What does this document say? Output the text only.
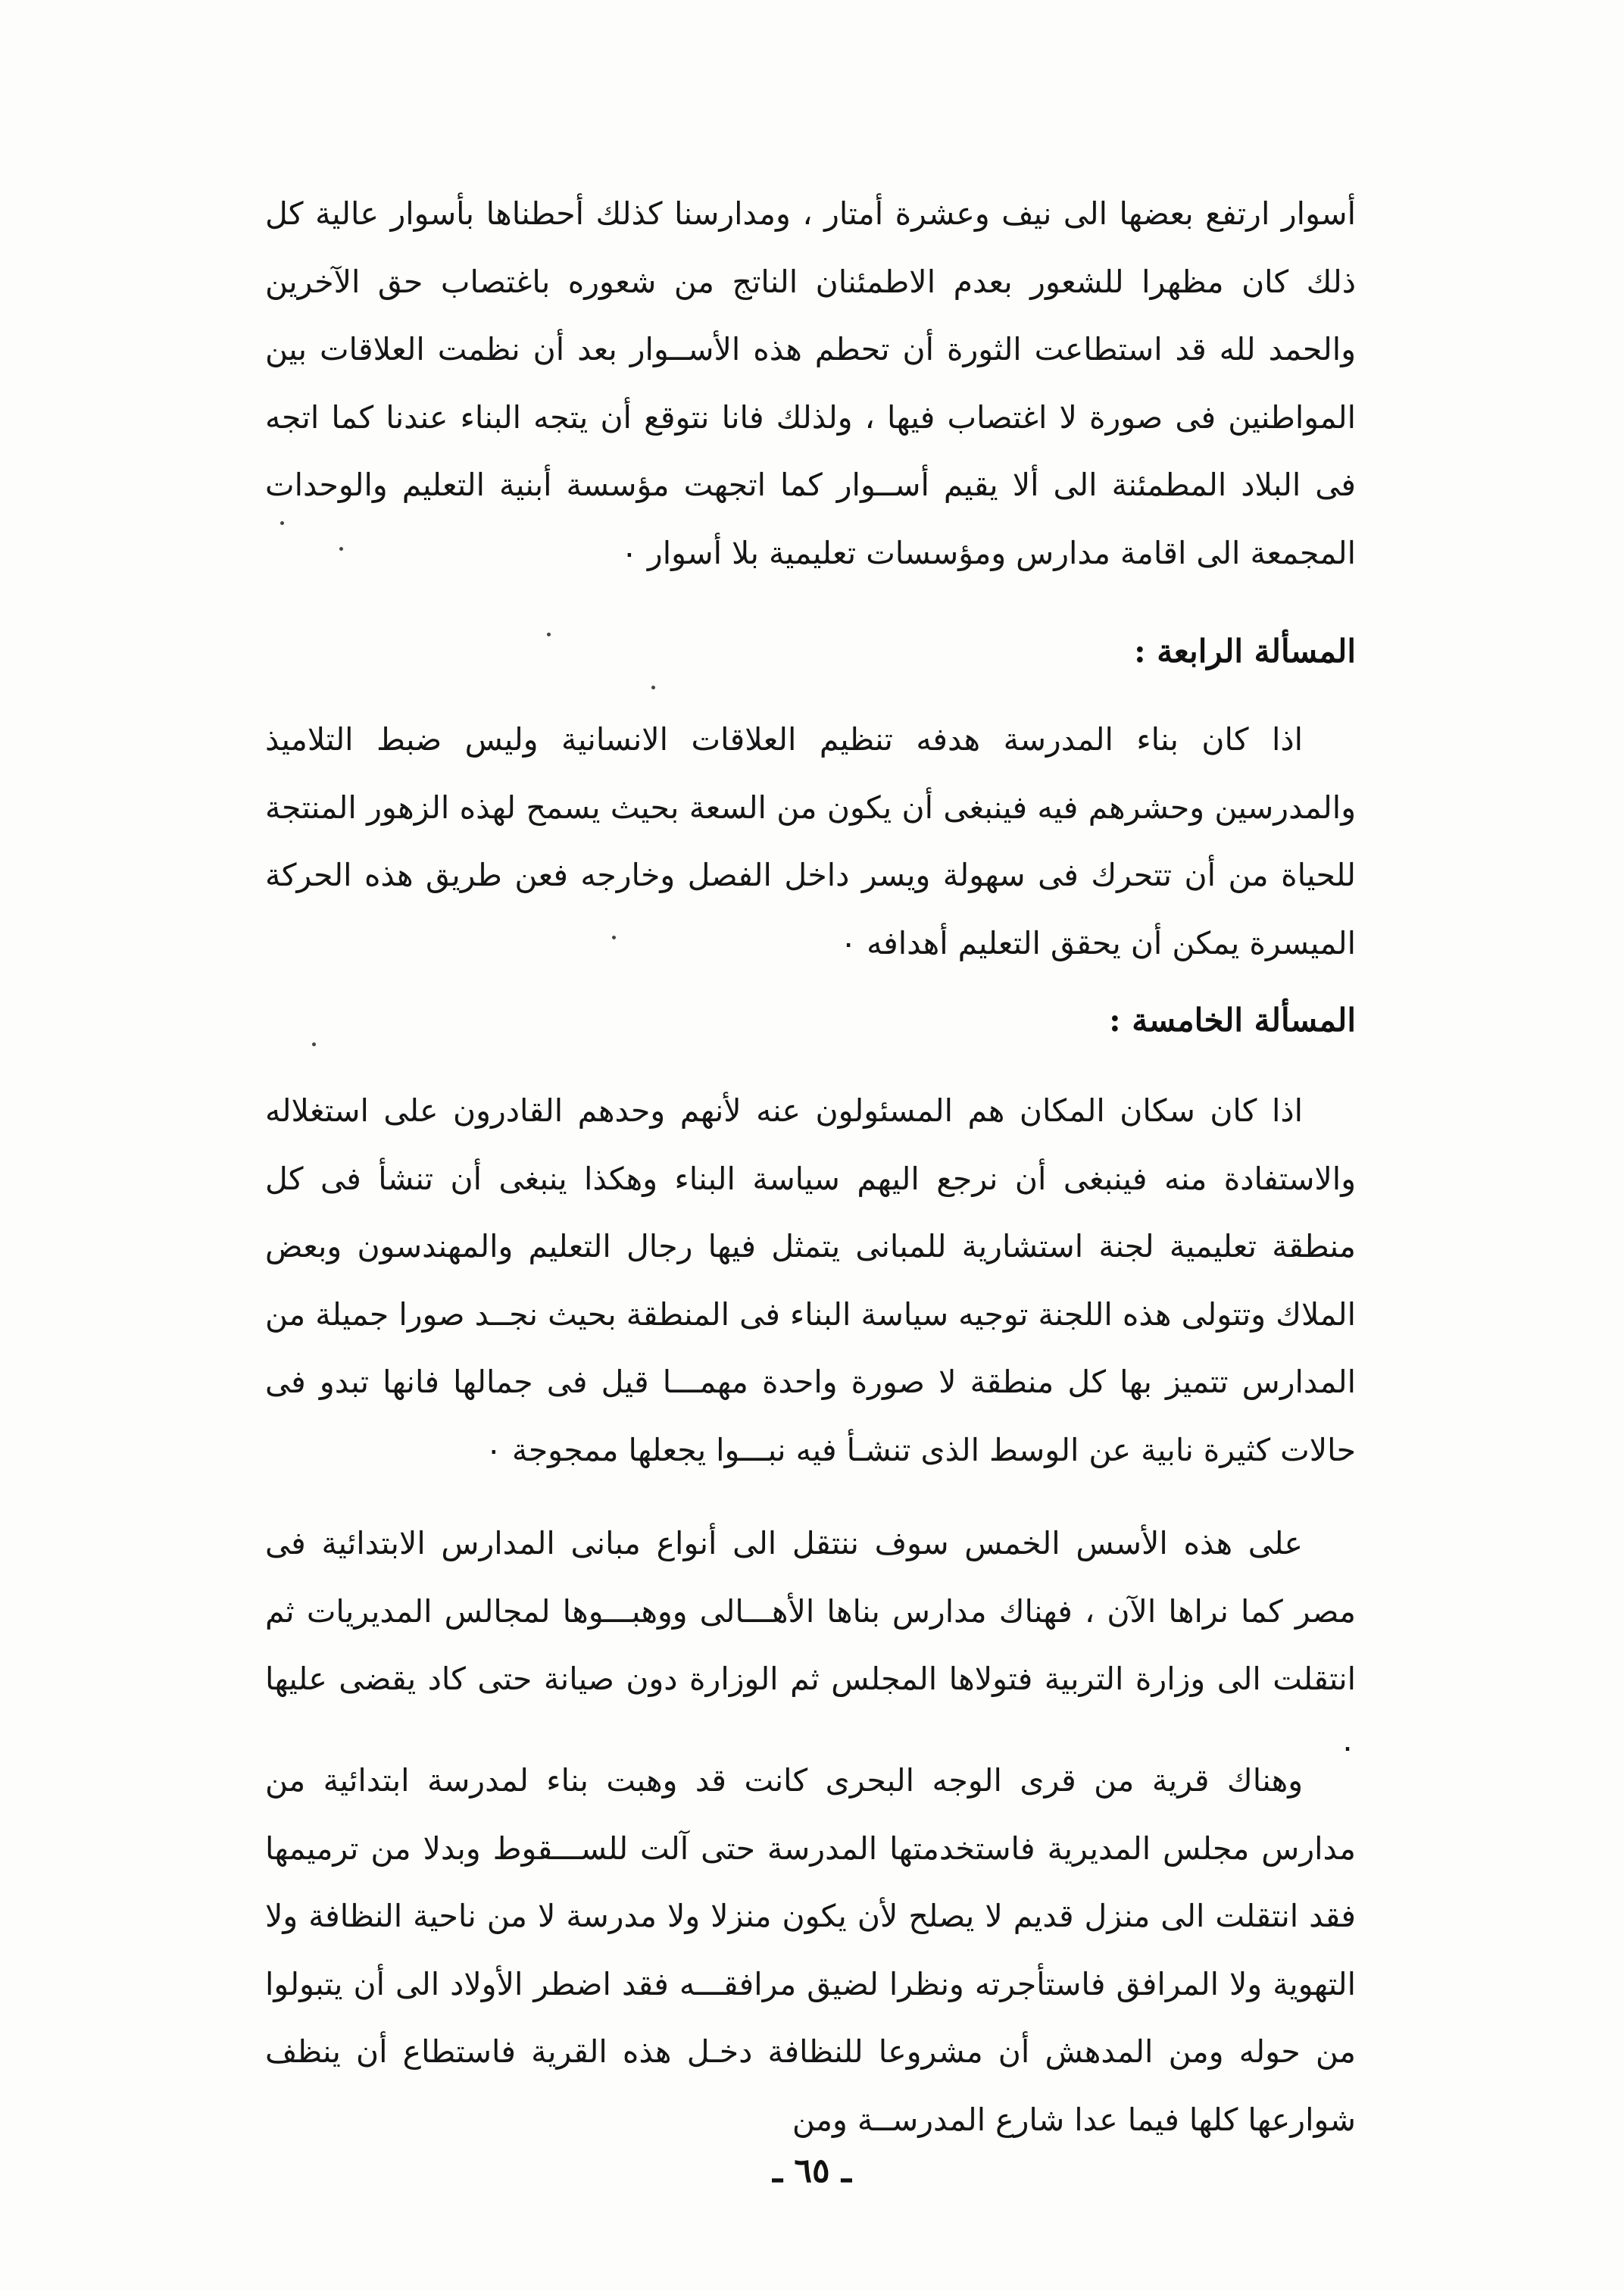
أسوار ارتفع بعضها الى نيف وعشرة أمتار ، ومدارسنا كذلك أحطناها بأسوار عالية كل ذلك كان مظهرا للشعور بعدم الاطمئنان الناتج من شعوره باغتصاب حق الآخرين والحمد لله قد استطاعت الثورة أن تحطم هذه الأســوار بعد أن نظمت العلاقات بين المواطنين فى صورة لا اغتصاب فيها ، ولذلك فانا نتوقع أن يتجه البناء عندنا كما اتجه فى البلاد المطمئنة الى ألا يقيم أســوار كما اتجهت مؤسسة أبنية التعليم والوحدات المجمعة الى اقامة مدارس ومؤسسات تعليمية بلا أسوار ٠

المسألة الرابعة :

اذا كان بناء المدرسة هدفه تنظيم العلاقات الانسانية وليس ضبط التلاميذ والمدرسين وحشرهم فيه فينبغى أن يكون من السعة بحيث يسمح لهذه الزهور المنتجة للحياة من أن تتحرك فى سهولة ويسر داخل الفصل وخارجه فعن طريق هذه الحركة الميسرة يمكن أن يحقق التعليم أهدافه ٠

المسألة الخامسة :

اذا كان سكان المكان هم المسئولون عنه لأنهم وحدهم القادرون على استغلاله والاستفادة منه فينبغى أن نرجع اليهم سياسة البناء وهكذا ينبغى أن تنشأ فى كل منطقة تعليمية لجنة استشارية للمبانى يتمثل فيها رجال التعليم والمهندسون وبعض الملاك وتتولى هذه اللجنة توجيه سياسة البناء فى المنطقة بحيث نجــد صورا جميلة من المدارس تتميز بها كل منطقة لا صورة واحدة مهمـــا قيل فى جمالها فانها تبدو فى حالات كثيرة نابية عن الوسط الذى تنشـأ فيه نبـــوا يجعلها ممجوجة ٠

على هذه الأسس الخمس سوف ننتقل الى أنواع مبانى المدارس الابتدائية فى مصر كما نراها الآن ، فهناك مدارس بناها الأهـــالى ووهبـــوها لمجالس المديريات ثم انتقلت الى وزارة التربية فتولاها المجلس ثم الوزارة دون صيانة حتى كاد يقضى عليها ٠

وهناك قرية من قرى الوجه البحرى كانت قد وهبت بناء لمدرسة ابتدائية من مدارس مجلس المديرية فاستخدمتها المدرسة حتى آلت للســـقوط وبدلا من ترميمها فقد انتقلت الى منزل قديم لا يصلح لأن يكون منزلا ولا مدرسة لا من ناحية النظافة ولا التهوية ولا المرافق فاستأجرته ونظرا لضيق مرافقـــه فقد اضطر الأولاد الى أن يتبولوا من حوله ومن المدهش أن مشروعا للنظافة دخـل هذه القرية فاستطاع أن ينظف شوارعها كلها فيما عدا شارع المدرســة ومن

ـ ٦٥ ـ
